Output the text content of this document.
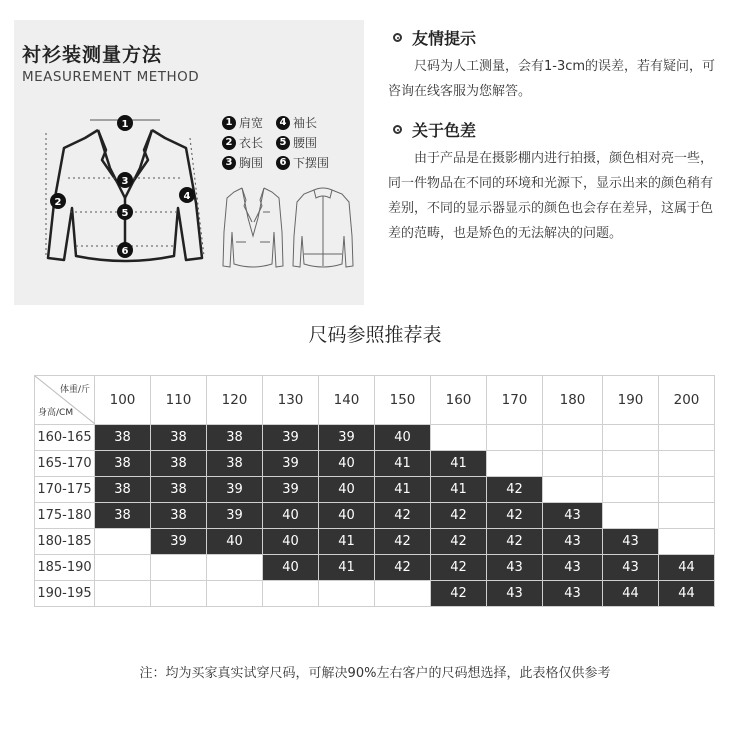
衬衫装测量方法
MEASUREMENT METHOD
1
2
3
4
5
6
1 肩宽
2 衣长
3 胸围
4 袖长
5 腰围
6 下摆围
友情提示
尺码为人工测量，会有1-3cm的误差，若有疑问，可咨询在线客服为您解答。
关于色差
由于产品是在摄影棚内进行拍摄，颜色相对亮一些，同一件物品在不同的环境和光源下，显示出来的颜色稍有差别，不同的显示器显示的颜色也会存在差异，这属于色差的范畴，也是矫色的无法解决的问题。
尺码参照推荐表
体重/斤
身高/CM	100	110	120	130	140	150	160	170	180	190	200
160-165	38	38	38	39	39	40					
165-170	38	38	38	39	40	41	41				
170-175	38	38	39	39	40	41	41	42			
175-180	38	38	39	40	40	42	42	42	43		
180-185		39	40	40	41	42	42	42	43	43	
185-190				40	41	42	42	43	43	43	44
190-195							42	43	43	44	44
注：均为买家真实试穿尺码，可解决90%左右客户的尺码想选择，此表格仅供参考
